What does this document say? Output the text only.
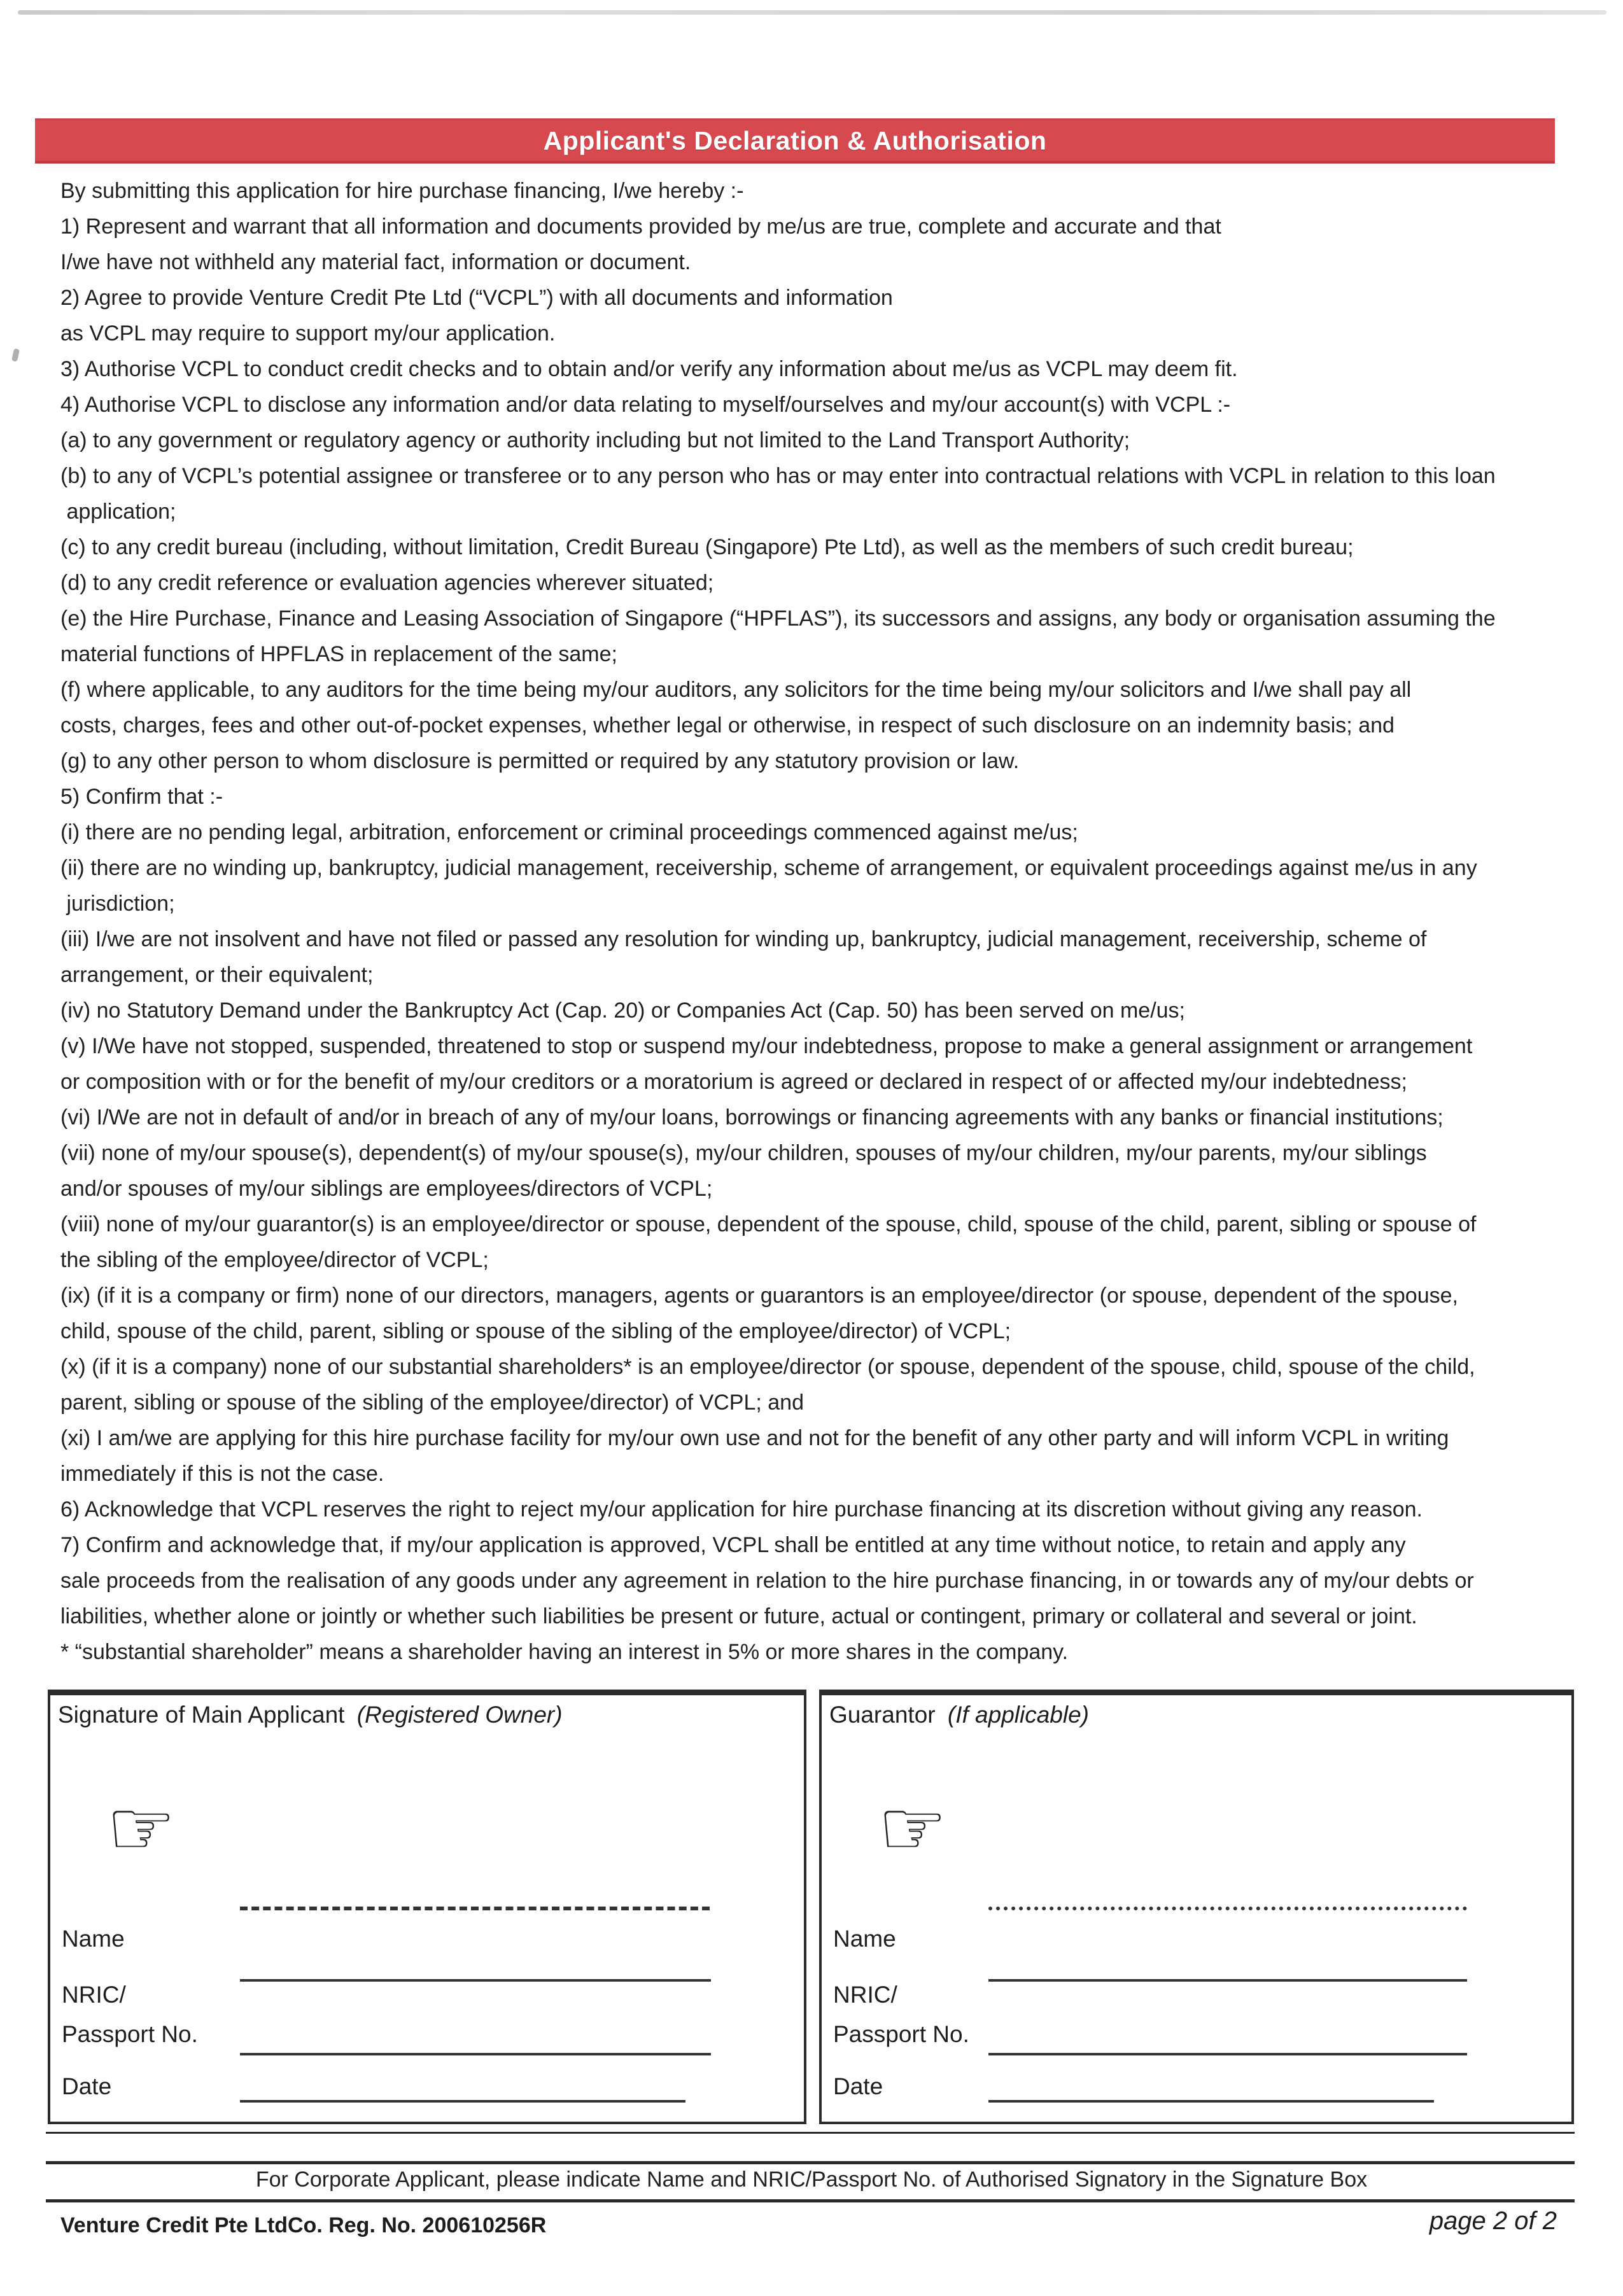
Applicant's Declaration & Authorisation
By submitting this application for hire purchase financing, I/we hereby :-
1) Represent and warrant that all information and documents provided by me/us are true, complete and accurate and that
I/we have not withheld any material fact, information or document.
2) Agree to provide Venture Credit Pte Ltd (“VCPL”) with all documents and information
as VCPL may require to support my/our application.
3) Authorise VCPL to conduct credit checks and to obtain and/or verify any information about me/us as VCPL may deem fit.
4) Authorise VCPL to disclose any information and/or data relating to myself/ourselves and my/our account(s) with VCPL :-
(a) to any government or regulatory agency or authority including but not limited to the Land Transport Authority;
(b) to any of VCPL’s potential assignee or transferee or to any person who has or may enter into contractual relations with VCPL in relation to this loan
application;
(c) to any credit bureau (including, without limitation, Credit Bureau (Singapore) Pte Ltd), as well as the members of such credit bureau;
(d) to any credit reference or evaluation agencies wherever situated;
(e) the Hire Purchase, Finance and Leasing Association of Singapore (“HPFLAS”), its successors and assigns, any body or organisation assuming the
material functions of HPFLAS in replacement of the same;
(f) where applicable, to any auditors for the time being my/our auditors, any solicitors for the time being my/our solicitors and I/we shall pay all
costs, charges, fees and other out-of-pocket expenses, whether legal or otherwise, in respect of such disclosure on an indemnity basis; and
(g) to any other person to whom disclosure is permitted or required by any statutory provision or law.
5) Confirm that :-
(i) there are no pending legal, arbitration, enforcement or criminal proceedings commenced against me/us;
(ii) there are no winding up, bankruptcy, judicial management, receivership, scheme of arrangement, or equivalent proceedings against me/us in any
jurisdiction;
(iii) I/we are not insolvent and have not filed or passed any resolution for winding up, bankruptcy, judicial management, receivership, scheme of
arrangement, or their equivalent;
(iv) no Statutory Demand under the Bankruptcy Act (Cap. 20) or Companies Act (Cap. 50) has been served on me/us;
(v) I/We have not stopped, suspended, threatened to stop or suspend my/our indebtedness, propose to make a general assignment or arrangement
or composition with or for the benefit of my/our creditors or a moratorium is agreed or declared in respect of or affected my/our indebtedness;
(vi) I/We are not in default of and/or in breach of any of my/our loans, borrowings or financing agreements with any banks or financial institutions;
(vii) none of my/our spouse(s), dependent(s) of my/our spouse(s), my/our children, spouses of my/our children, my/our parents, my/our siblings
and/or spouses of my/our siblings are employees/directors of VCPL;
(viii) none of my/our guarantor(s) is an employee/director or spouse, dependent of the spouse, child, spouse of the child, parent, sibling or spouse of
the sibling of the employee/director of VCPL;
(ix) (if it is a company or firm) none of our directors, managers, agents or guarantors is an employee/director (or spouse, dependent of the spouse,
child, spouse of the child, parent, sibling or spouse of the sibling of the employee/director) of VCPL;
(x) (if it is a company) none of our substantial shareholders* is an employee/director (or spouse, dependent of the spouse, child, spouse of the child,
parent, sibling or spouse of the sibling of the employee/director) of VCPL; and
(xi) I am/we are applying for this hire purchase facility for my/our own use and not for the benefit of any other party and will inform VCPL in writing
immediately if this is not the case.
6) Acknowledge that VCPL reserves the right to reject my/our application for hire purchase financing at its discretion without giving any reason.
7) Confirm and acknowledge that, if my/our application is approved, VCPL shall be entitled at any time without notice, to retain and apply any
sale proceeds from the realisation of any goods under any agreement in relation to the hire purchase financing, in or towards any of my/our debts or
liabilities, whether alone or jointly or whether such liabilities be present or future, actual or contingent, primary or collateral and several or joint.
* “substantial shareholder” means a shareholder having an interest in 5% or more shares in the company.
Signature of Main Applicant (Registered Owner)
☞
Name
NRIC/
Passport No.
Date
Guarantor (If applicable)
☞
Name
NRIC/
Passport No.
Date
For Corporate Applicant, please indicate Name and NRIC/Passport No. of Authorised Signatory in the Signature Box
Venture Credit Pte Ltd Co. Reg. No. 200610256R	page 2 of 2
